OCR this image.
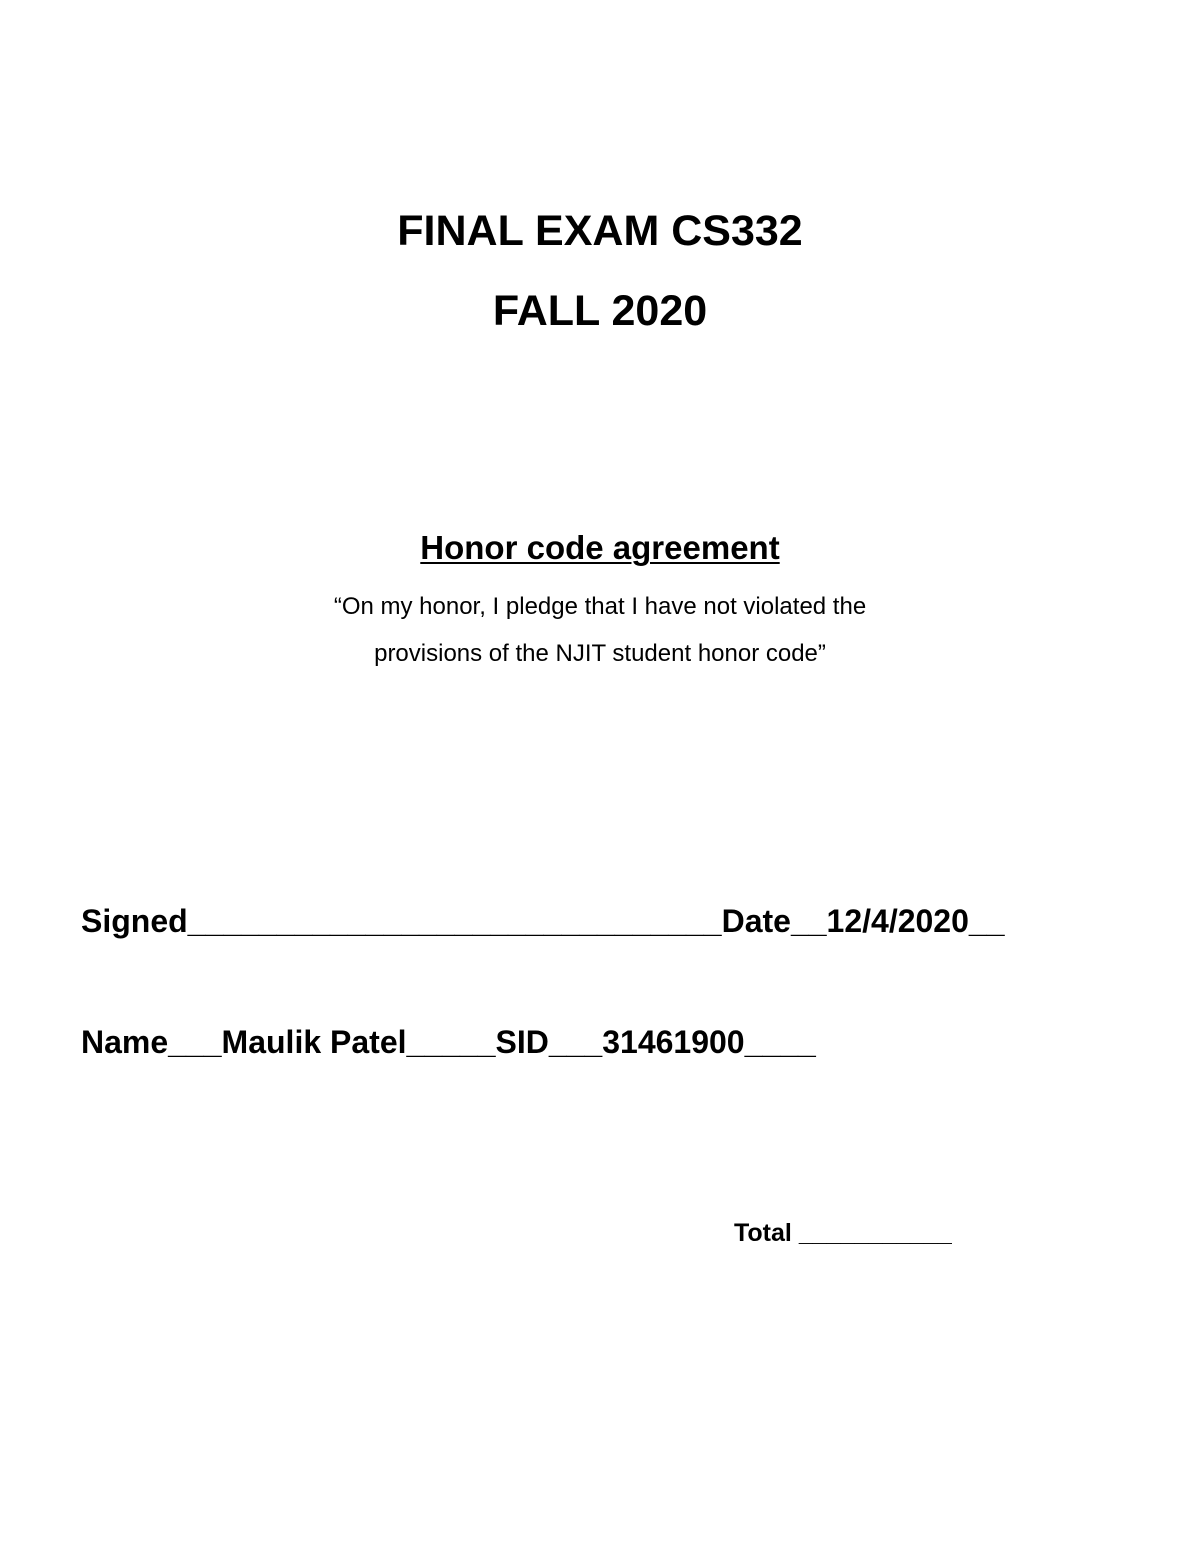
FINAL EXAM CS332
FALL 2020
Honor code agreement
“On my honor, I pledge that I have not violated the
provisions of the NJIT student honor code”
Signed______________________________Date__12/4/2020__
Name___Maulik Patel_____SID___31461900____
Total ___________
